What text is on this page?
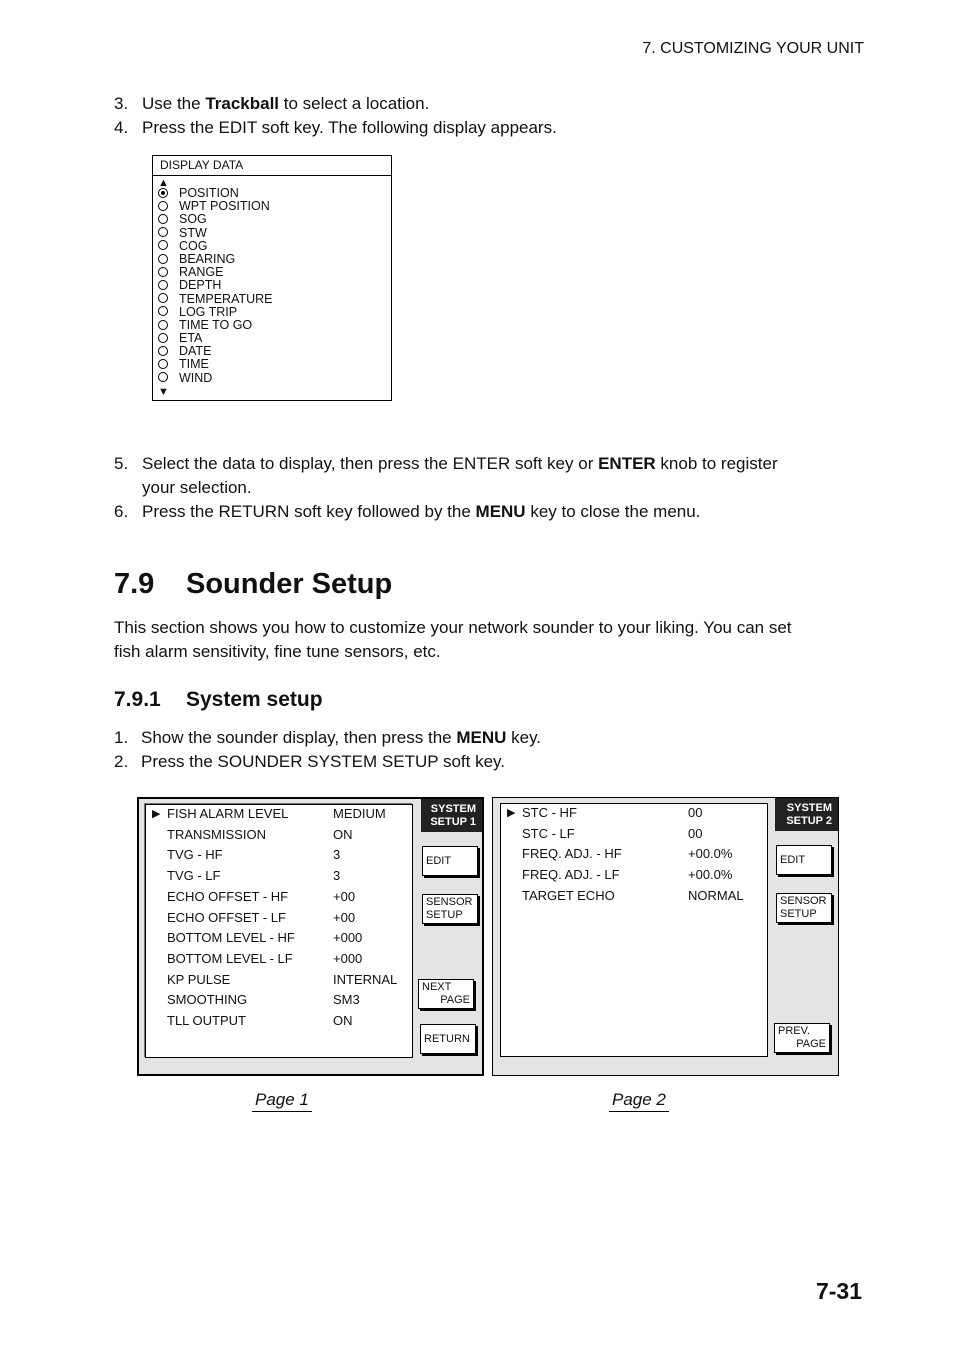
7. CUSTOMIZING YOUR UNIT
3. Use the Trackball to select a location.
4. Press the EDIT soft key. The following display appears.
DISPLAY DATA
▲
POSITION
WPT POSITION
SOG
STW
COG
BEARING
RANGE
DEPTH
TEMPERATURE
LOG TRIP
TIME TO GO
ETA
DATE
TIME
WIND
▼
5. Select the data to display, then press the ENTER soft key or ENTER knob to register
your selection.
6. Press the RETURN soft key followed by the MENU key to close the menu.
7.9 Sounder Setup
This section shows you how to customize your network sounder to your liking. You can set
fish alarm sensitivity, fine tune sensors, etc.
7.9.1 System setup
1. Show the sounder display, then press the MENU key.
2. Press the SOUNDER SYSTEM SETUP soft key.
▶ FISH ALARM LEVEL	MEDIUM
TRANSMISSION	ON
TVG - HF	3
TVG - LF	3
ECHO OFFSET - HF	+00
ECHO OFFSET - LF	+00
BOTTOM LEVEL - HF	+000
BOTTOM LEVEL - LF	+000
KP PULSE	INTERNAL
SMOOTHING	SM3
TLL OUTPUT	ON
SYSTEM
SETUP 1
EDIT
SENSOR
SETUP
NEXT
PAGE
RETURN
▶ STC - HF	00
STC - LF	00
FREQ. ADJ. - HF	+00.0%
FREQ. ADJ. - LF	+00.0%
TARGET ECHO	NORMAL
SYSTEM
SETUP 2
EDIT
SENSOR
SETUP
PREV.
PAGE
Page 1	Page 2
7-31
